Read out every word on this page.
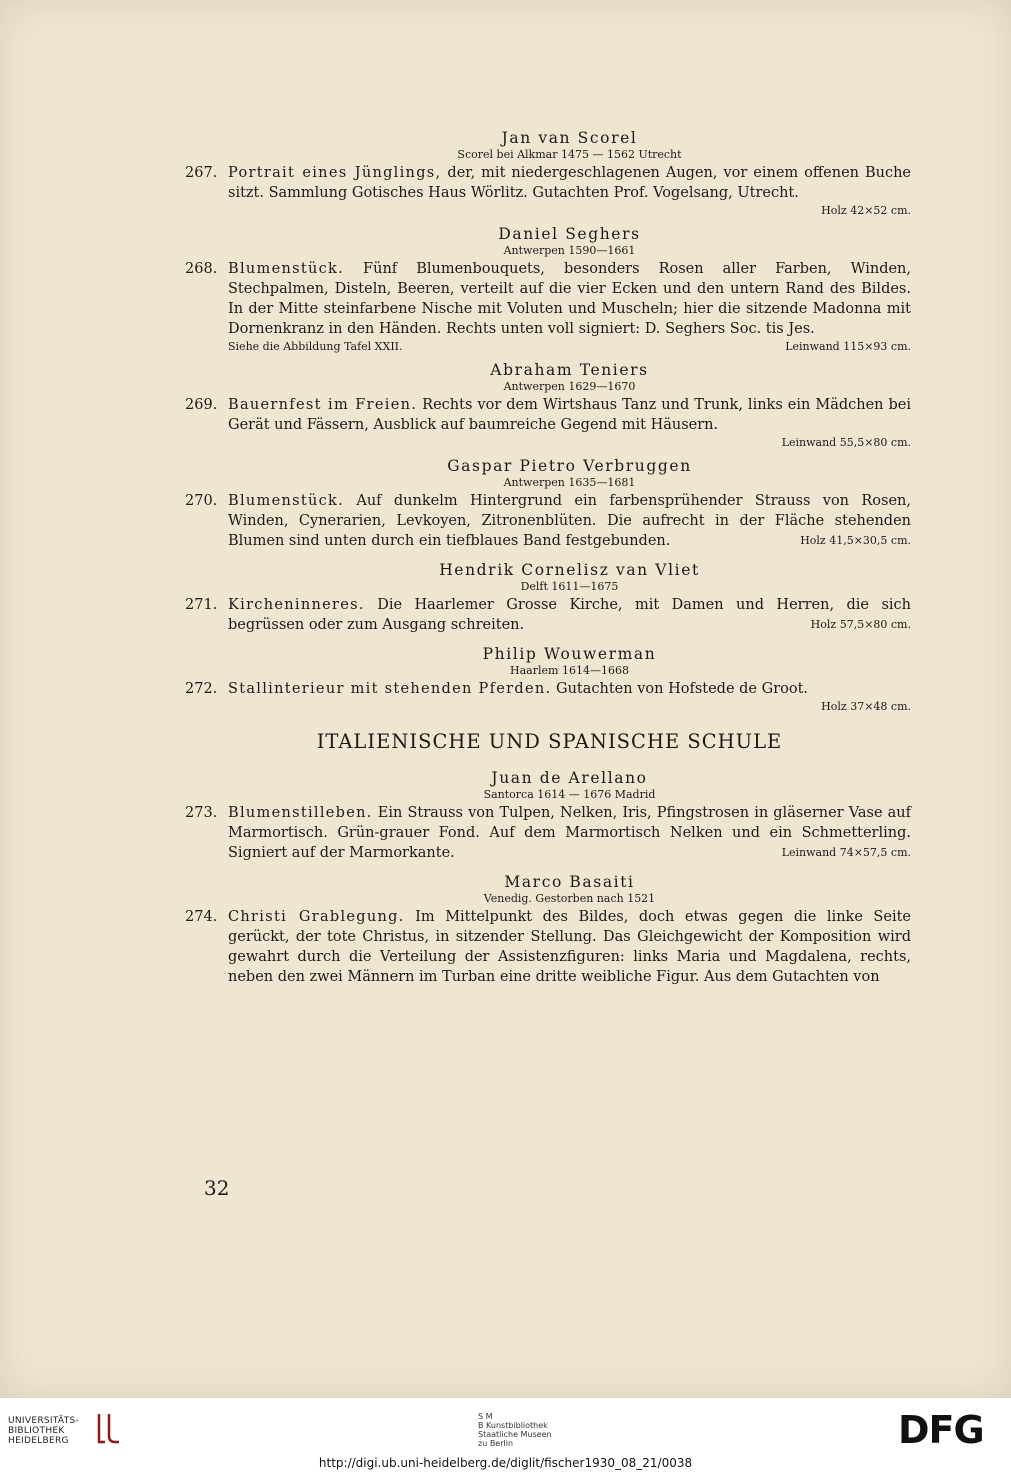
Jan van Scorel
Scorel bei Alkmar 1475 — 1562 Utrecht
267. Portrait eines Jünglings, der, mit niedergeschlagenen Augen, vor einem offenen Buche sitzt. Sammlung Gotisches Haus Wörlitz. Gutachten Prof. Vogelsang, Utrecht.
Holz 42×52 cm.
Daniel Seghers
Antwerpen 1590—1661
268. Blumenstück. Fünf Blumenbouquets, besonders Rosen aller Farben, Winden, Stechpalmen, Disteln, Beeren, verteilt auf die vier Ecken und den untern Rand des Bildes. In der Mitte steinfarbene Nische mit Voluten und Muscheln; hier die sitzende Madonna mit Dornenkranz in den Händen. Rechts unten voll signiert: D. Seghers Soc. tis Jes.
Siehe die Abbildung Tafel XXII.	Leinwand 115×93 cm.
Abraham Teniers
Antwerpen 1629—1670
269. Bauernfest im Freien. Rechts vor dem Wirtshaus Tanz und Trunk, links ein Mädchen bei Gerät und Fässern, Ausblick auf baumreiche Gegend mit Häusern.
Leinwand 55,5×80 cm.
Gaspar Pietro Verbruggen
Antwerpen 1635—1681
270. Blumenstück. Auf dunkelm Hintergrund ein farbensprühender Strauss von Rosen, Winden, Cynerarien, Levkoyen, Zitronenblüten. Die aufrecht in der Fläche stehenden Blumen sind unten durch ein tiefblaues Band festgebunden.	Holz 41,5×30,5 cm.
Hendrik Cornelisz van Vliet
Delft 1611—1675
271. Kircheninneres. Die Haarlemer Grosse Kirche, mit Damen und Herren, die sich begrüssen oder zum Ausgang schreiten.	Holz 57,5×80 cm.
Philip Wouwerman
Haarlem 1614—1668
272. Stallinterieur mit stehenden Pferden. Gutachten von Hofstede de Groot.
Holz 37×48 cm.
ITALIENISCHE UND SPANISCHE SCHULE
Juan de Arellano
Santorca 1614 — 1676 Madrid
273. Blumenstilleben. Ein Strauss von Tulpen, Nelken, Iris, Pfingstrosen in gläserner Vase auf Marmortisch. Grün-grauer Fond. Auf dem Marmortisch Nelken und ein Schmetterling. Signiert auf der Marmorkante.	Leinwand 74×57,5 cm.
Marco Basaiti
Venedig. Gestorben nach 1521
274. Christi Grablegung. Im Mittelpunkt des Bildes, doch etwas gegen die linke Seite gerückt, der tote Christus, in sitzender Stellung. Das Gleichgewicht der Komposition wird gewahrt durch die Verteilung der Assistenzfiguren: links Maria und Magdalena, rechts, neben den zwei Männern im Turban eine dritte weibliche Figur. Aus dem Gutachten von
32
UNIVERSITÄTS-
BIBLIOTHEK
HEIDELBERG
S M
B Kunstbibliothek
Staatliche Museen
zu Berlin	DFG
http://digi.ub.uni-heidelberg.de/diglit/fischer1930_08_21/0038
